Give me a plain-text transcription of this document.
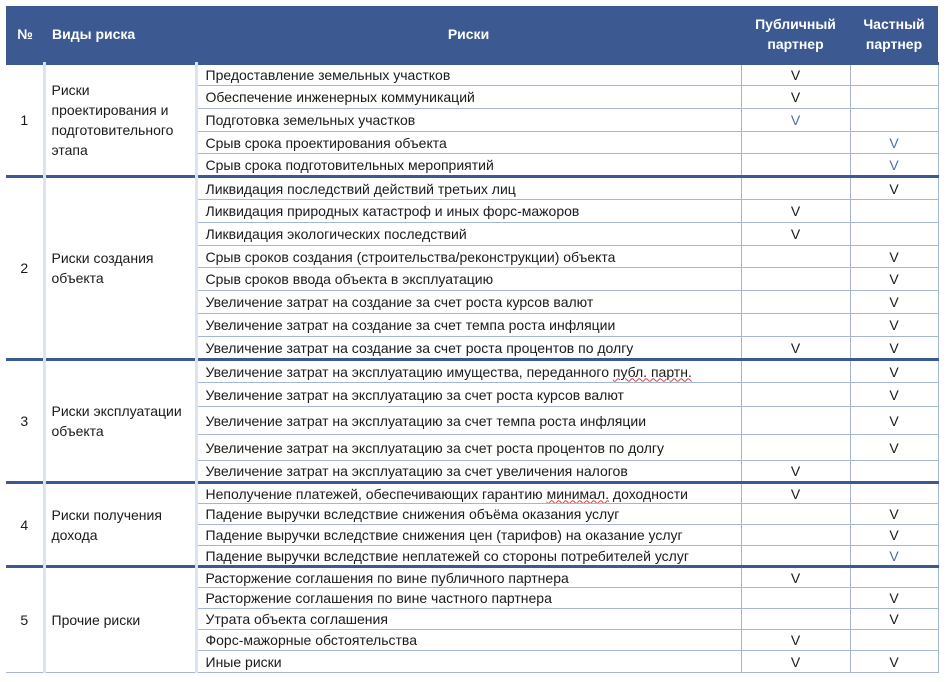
№	Виды риска	Риски	Публичный партнер	Частный партнер
1	Риски проектирования и подготовительного этапа	Предоставление земельных участков	V	
		Обеспечение инженерных коммуникаций	V	
		Подготовка земельных участков	V	
		Срыв срока проектирования объекта		V
		Срыв срока подготовительных мероприятий		V
2	Риски создания объекта	Ликвидация последствий действий третьих лиц		V
		Ликвидация природных катастроф и иных форс-мажоров	V	
		Ликвидация экологических последствий	V	
		Срыв сроков создания (строительства/реконструкции) объекта		V
		Срыв сроков ввода объекта в эксплуатацию		V
		Увеличение затрат на создание за счет роста курсов валют		V
		Увеличение затрат на создание за счет темпа роста инфляции		V
		Увеличение затрат на создание за счет роста процентов по долгу	V	V
3	Риски эксплуатации объекта	Увеличение затрат на эксплуатацию имущества, переданного публ. партн.		V
		Увеличение затрат на эксплуатацию за счет роста курсов валют		V
		Увеличение затрат на эксплуатацию за счет темпа роста инфляции		V
		Увеличение затрат на эксплуатацию за счет роста процентов по долгу		V
		Увеличение затрат на эксплуатацию за счет увеличения налогов	V	
4	Риски получения дохода	Неполучение платежей, обеспечивающих гарантию минимал. доходности	V	
		Падение выручки вследствие снижения объёма оказания услуг		V
		Падение выручки вследствие снижения цен (тарифов) на оказание услуг		V
		Падение выручки вследствие неплатежей со стороны потребителей услуг		V
5	Прочие риски	Расторжение соглашения по вине публичного партнера	V	
		Расторжение соглашения по вине частного партнера		V
		Утрата объекта соглашения		V
		Форс-мажорные обстоятельства	V	
		Иные риски	V	V
